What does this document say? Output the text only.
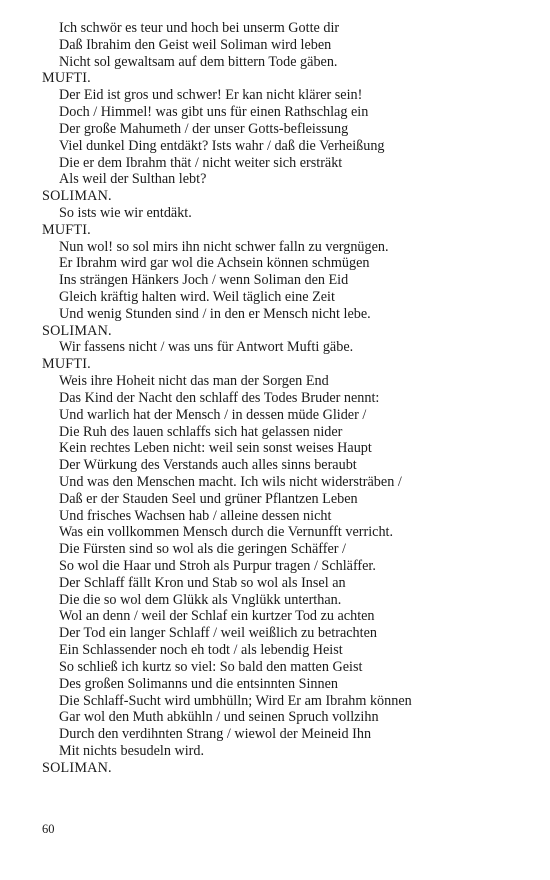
Ich schwör es teur und hoch bei unserm Gotte dir
Daß Ibrahim den Geist weil Soliman wird leben
Nicht sol gewaltsam auf dem bittern Tode gäben.
MUFTI.
Der Eid ist gros und schwer! Er kan nicht klärer sein!
Doch / Himmel! was gibt uns für einen Rathschlag ein
Der große Mahumeth / der unser Gotts-befleissung
Viel dunkel Ding entdäkt? Ists wahr / daß die Verheißung
Die er dem Ibrahm thät / nicht weiter sich ersträkt
Als weil der Sulthan lebt?
SOLIMAN.
So ists wie wir entdäkt.
MUFTI.
Nun wol! so sol mirs ihn nicht schwer falln zu vergnügen.
Er Ibrahm wird gar wol die Achsein können schmügen
Ins strängen Hänkers Joch / wenn Soliman den Eid
Gleich kräftig halten wird. Weil täglich eine Zeit
Und wenig Stunden sind / in den er Mensch nicht lebe.
SOLIMAN.
Wir fassens nicht / was uns für Antwort Mufti gäbe.
MUFTI.
Weis ihre Hoheit nicht das man der Sorgen End
Das Kind der Nacht den schlaff des Todes Bruder nennt:
Und warlich hat der Mensch / in dessen müde Glider /
Die Ruh des lauen schlaffs sich hat gelassen nider
Kein rechtes Leben nicht: weil sein sonst weises Haupt
Der Würkung des Verstands auch alles sinns beraubt
Und was den Menschen macht. Ich wils nicht widersträben /
Daß er der Stauden Seel und grüner Pflantzen Leben
Und frisches Wachsen hab / alleine dessen nicht
Was ein vollkommen Mensch durch die Vernunfft verricht.
Die Fürsten sind so wol als die geringen Schäffer /
So wol die Haar und Stroh als Purpur tragen / Schläffer.
Der Schlaff fällt Kron und Stab so wol als Insel an
Die die so wol dem Glükk als Vnglükk unterthan.
Wol an denn / weil der Schlaf ein kurtzer Tod zu achten
Der Tod ein langer Schlaff / weil weißlich zu betrachten
Ein Schlassender noch eh todt / als lebendig Heist
So schließ ich kurtz so viel: So bald den matten Geist
Des großen Solimanns und die entsinnten Sinnen
Die Schlaff-Sucht wird umbhülln; Wird Er am Ibrahm können
Gar wol den Muth abkühln / und seinen Spruch vollzihn
Durch den verdihnten Strang / wiewol der Meineid Ihn
Mit nichts besudeln wird.
SOLIMAN.
60
